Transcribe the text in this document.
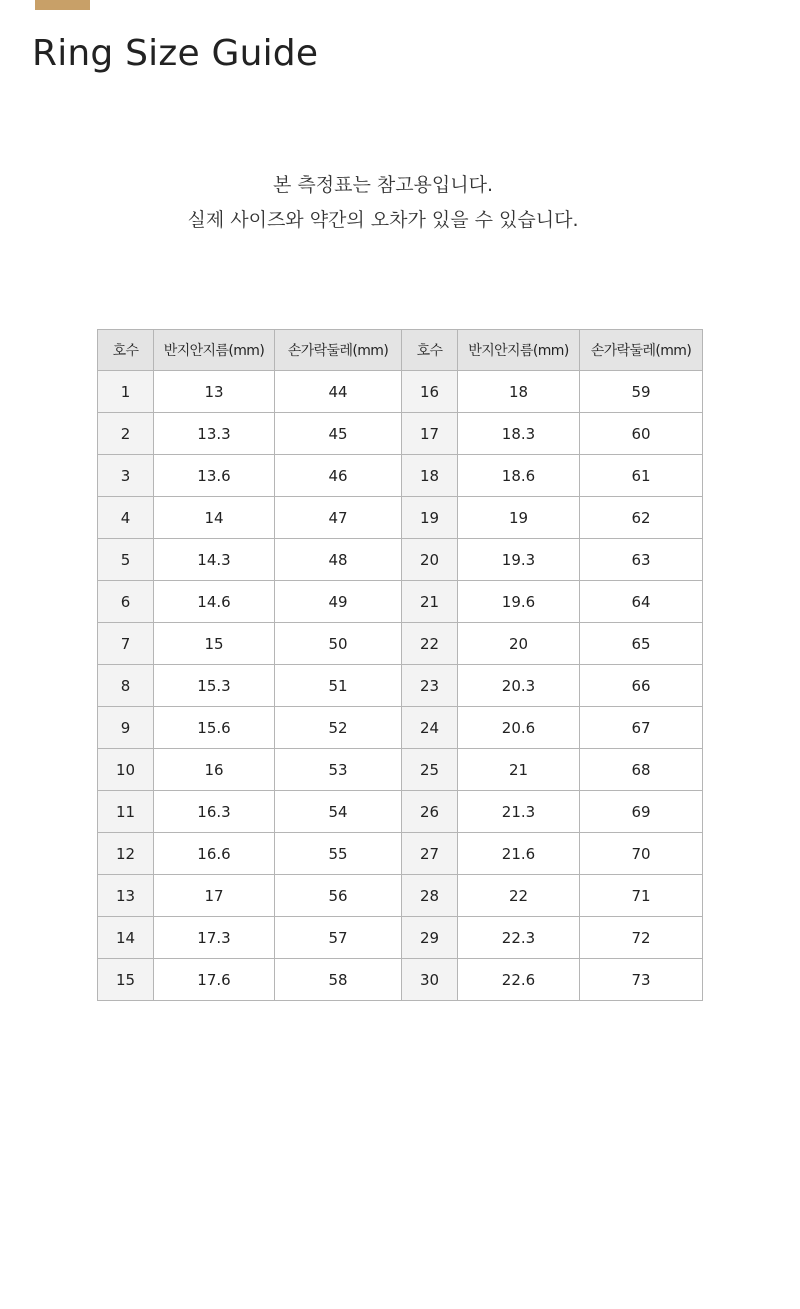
Ring Size Guide

본 측정표는 참고용입니다.

실제 사이즈와 약간의 오차가 있을 수 있습니다.

호수	반지안지름(mm)	손가락둘레(mm)	호수	반지안지름(mm)	손가락둘레(mm)
1	13	44	16	18	59
2	13.3	45	17	18.3	60
3	13.6	46	18	18.6	61
4	14	47	19	19	62
5	14.3	48	20	19.3	63
6	14.6	49	21	19.6	64
7	15	50	22	20	65
8	15.3	51	23	20.3	66
9	15.6	52	24	20.6	67
10	16	53	25	21	68
11	16.3	54	26	21.3	69
12	16.6	55	27	21.6	70
13	17	56	28	22	71
14	17.3	57	29	22.3	72
15	17.6	58	30	22.6	73
